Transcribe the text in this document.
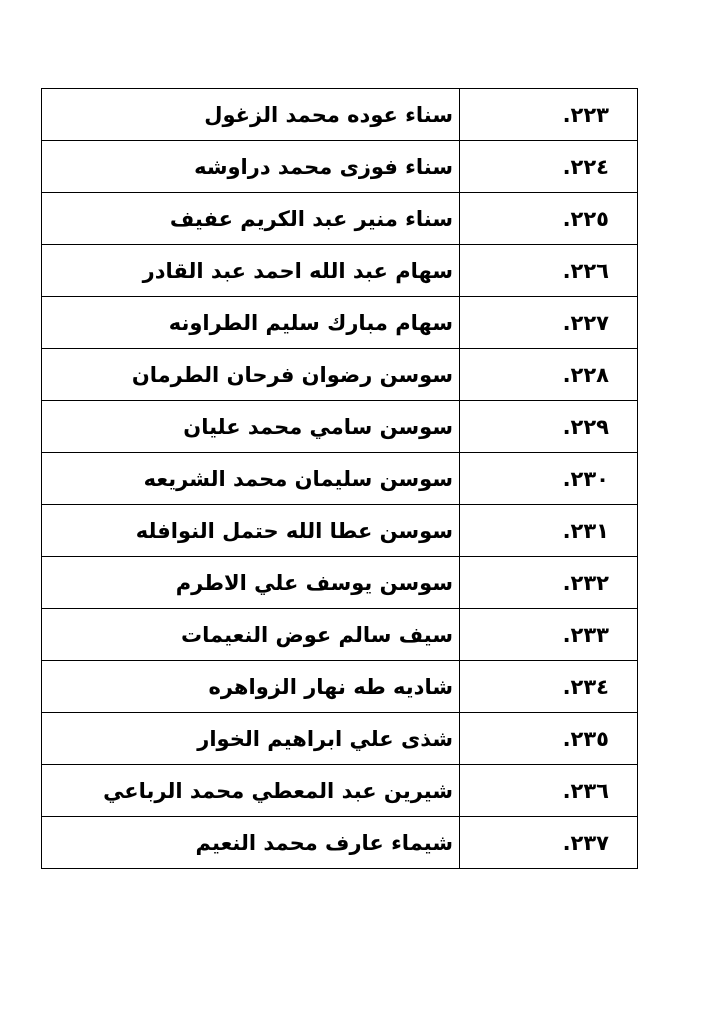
٢٢٣.	سناء عوده محمد الزغول
٢٢٤.	سناء فوزى محمد دراوشه
٢٢٥.	سناء منير عبد الكريم عفيف
٢٢٦.	سهام عبد الله احمد عبد القادر
٢٢٧.	سهام مبارك سليم الطراونه
٢٢٨.	سوسن رضوان فرحان الطرمان
٢٢٩.	سوسن سامي محمد عليان
٢٣٠.	سوسن سليمان محمد الشريعه
٢٣١.	سوسن عطا الله حتمل النوافله
٢٣٢.	سوسن يوسف علي الاطرم
٢٣٣.	سيف سالم عوض النعيمات
٢٣٤.	شاديه طه نهار الزواهره
٢٣٥.	شذى علي ابراهيم الخوار
٢٣٦.	شيرين عبد المعطي محمد الرباعي
٢٣٧.	شيماء عارف محمد النعيم
